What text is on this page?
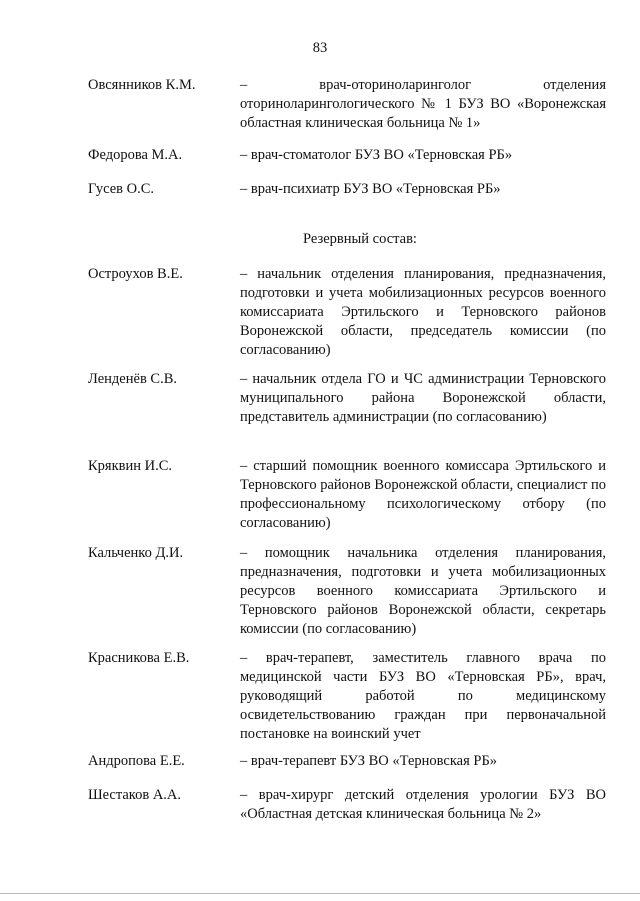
83
Овсянников К.М.	– врач-оториноларинголог отделения оториноларингологического № 1 БУЗ ВО «Воронежская областная клиническая больница № 1»
Федорова М.А.	– врач-стоматолог БУЗ ВО «Терновская РБ»
Гусев О.С.	– врач-психиатр БУЗ ВО «Терновская РБ»
Резервный состав:
Остроухов В.Е.	– начальник отделения планирования, предназначения, подготовки и учета мобилизационных ресурсов военного комиссариата Эртильского и Терновского районов Воронежской области, председатель комиссии (по согласованию)
Ленденёв С.В.	– начальник отдела ГО и ЧС администрации Терновского муниципального района Воронежской области, представитель администрации (по согласованию)
Кряквин И.С.	– старший помощник военного комиссара Эртильского и Терновского районов Воронежской области, специалист по профессиональному психологическому отбору (по согласованию)
Кальченко Д.И.	– помощник начальника отделения планирования, предназначения, подготовки и учета мобилизационных ресурсов военного комиссариата Эртильского и Терновского районов Воронежской области, секретарь комиссии (по согласованию)
Красникова Е.В.	– врач-терапевт, заместитель главного врача по медицинской части БУЗ ВО «Терновская РБ», врач, руководящий работой по медицинскому освидетельствованию граждан при первоначальной постановке на воинский учет
Андропова Е.Е.	– врач-терапевт БУЗ ВО «Терновская РБ»
Шестаков А.А.	– врач-хирург детский отделения урологии БУЗ ВО «Областная детская клиническая больница № 2»
